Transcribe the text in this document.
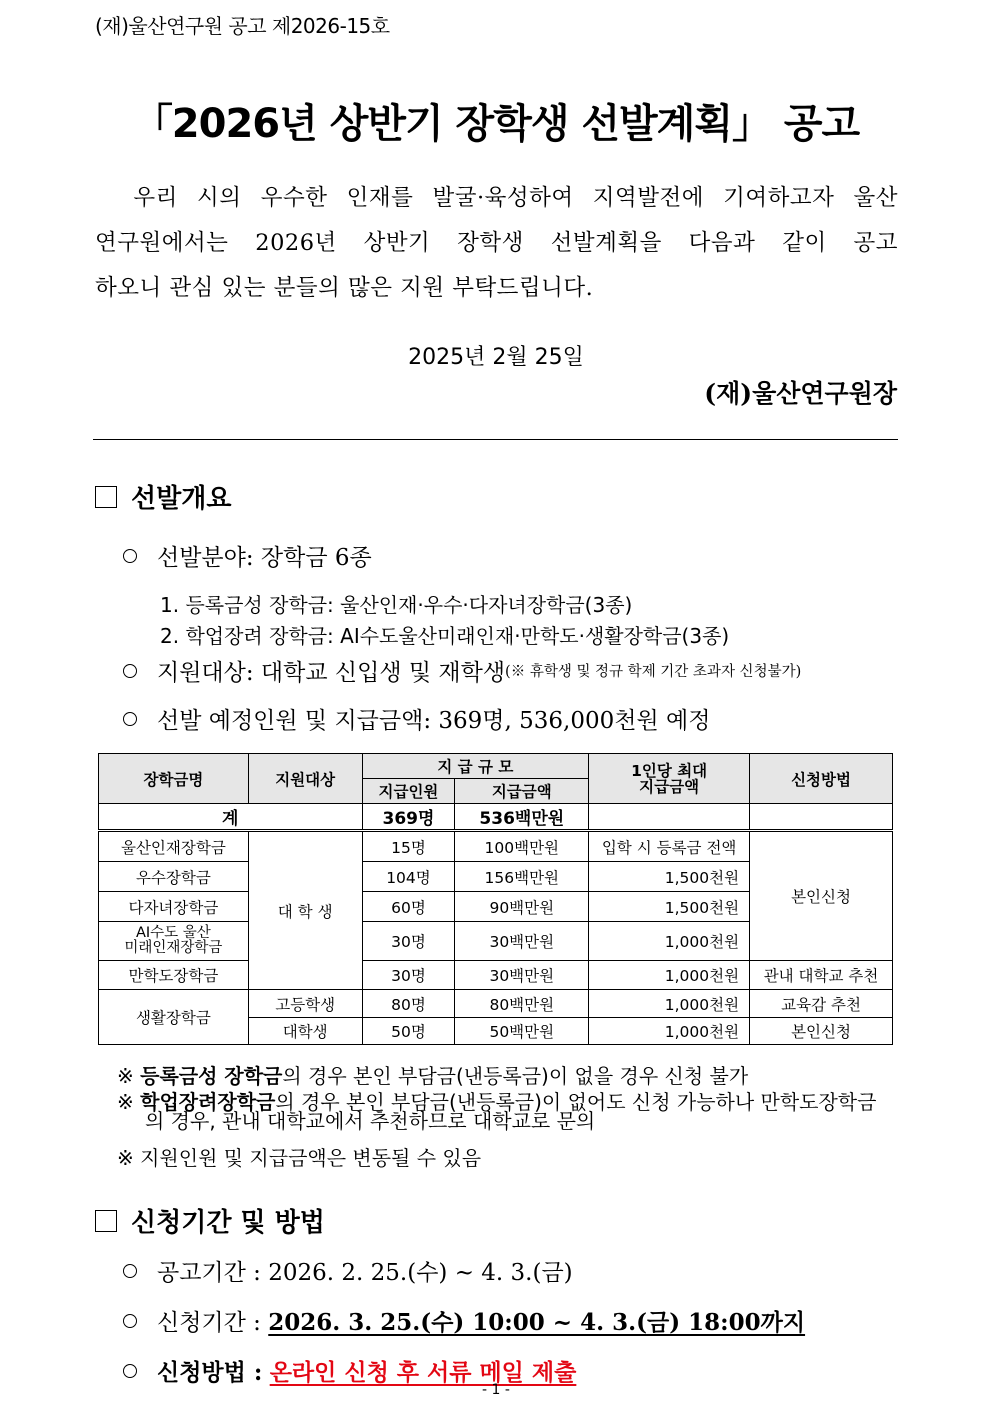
(재)울산연구원 공고 제2026-15호
「2026년 상반기 장학생 선발계획」 공고
우리 시의 우수한 인재를 발굴·육성하여 지역발전에 기여하고자 울산
연구원에서는 2026년 상반기 장학생 선발계획을 다음과 같이 공고
하오니 관심 있는 분들의 많은 지원 부탁드립니다.
2025년 2월 25일
(재)울산연구원장
선발개요
선발분야: 장학금 6종
1. 등록금성 장학금: 울산인재·우수·다자녀장학금(3종)
2. 학업장려 장학금: AI수도울산미래인재·만학도·생활장학금(3종)
지원대상: 대학교 신입생 및 재학생 (※ 휴학생 및 정규 학제 기간 초과자 신청불가)
선발 예정인원 및 지급금액: 369명, 536,000천원 예정
장학금명	지원대상	지 급 규 모		1인당 최대
지급금액	신청방법
		지급인원	지급금액		
계		369명	536백만원		
울산인재장학금	대 학 생	15명	100백만원	입학 시 등록금 전액	본인신청
우수장학금		104명	156백만원	1,500천원	
다자녀장학금		60명	90백만원	1,500천원	
AI수도 울산
미래인재장학금		30명	30백만원	1,000천원	
만학도장학금		30명	30백만원	1,000천원	관내 대학교 추천
생활장학금	고등학생	80명	80백만원	1,000천원	교육감 추천
	대학생	50명	50백만원	1,000천원	본인신청
※ 등록금성 장학금의 경우 본인 부담금(낸등록금)이 없을 경우 신청 불가
※ 학업장려장학금의 경우 본인 부담금(낸등록금)이 없어도 신청 가능하나 만학도장학금
의 경우, 관내 대학교에서 추천하므로 대학교로 문의
※ 지원인원 및 지급금액은 변동될 수 있음
신청기간 및 방법
공고기간 :
2026. 2. 25.(수) ~ 4. 3.(금)
신청기간 :
2026. 3. 25.(수) 10:00 ~ 4. 3.(금) 18:00까지
신청방법 :
온라인 신청 후 서류 메일 제출
- 1 -
